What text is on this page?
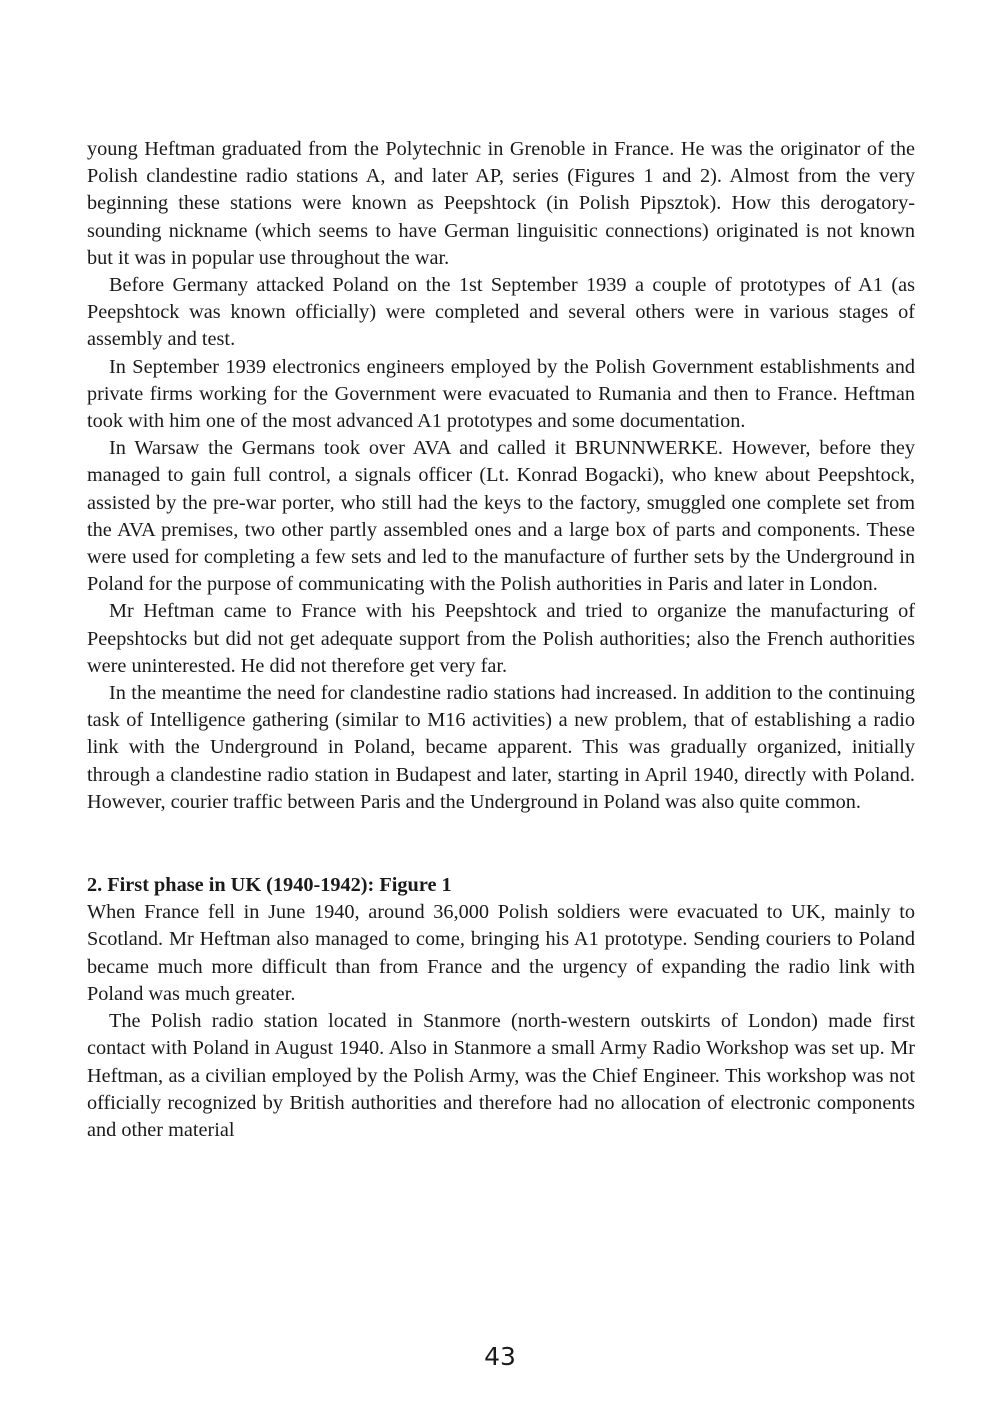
young Heftman graduated from the Polytechnic in Grenoble in France. He was the originator of the Polish clandestine radio stations A, and later AP, series (Figures 1 and 2). Almost from the very beginning these stations were known as Peepshtock (in Polish Pipsztok). How this derogatory-sounding nickname (which seems to have German linguisitic connections) originated is not known but it was in popular use throughout the war.

Before Germany attacked Poland on the 1st September 1939 a couple of prototypes of A1 (as Peepshtock was known officially) were completed and several others were in various stages of assembly and test.

In September 1939 electronics engineers employed by the Polish Government establishments and private firms working for the Government were evacuated to Rumania and then to France. Heftman took with him one of the most advanced A1 prototypes and some documentation.

In Warsaw the Germans took over AVA and called it BRUNNWERKE. However, before they managed to gain full control, a signals officer (Lt. Konrad Bogacki), who knew about Peepshtock, assisted by the pre-war porter, who still had the keys to the factory, smuggled one complete set from the AVA premises, two other partly assembled ones and a large box of parts and components. These were used for completing a few sets and led to the manufacture of further sets by the Underground in Poland for the purpose of communicating with the Polish authorities in Paris and later in London.

Mr Heftman came to France with his Peepshtock and tried to organize the manufacturing of Peepshtocks but did not get adequate support from the Polish authorities; also the French authorities were uninterested. He did not therefore get very far.

In the meantime the need for clandestine radio stations had increased. In addition to the continuing task of Intelligence gathering (similar to M16 activities) a new problem, that of establishing a radio link with the Underground in Poland, became apparent. This was gradually organized, initially through a clandestine radio station in Budapest and later, starting in April 1940, directly with Poland. However, courier traffic between Paris and the Underground in Poland was also quite common.

2. First phase in UK (1940-1942): Figure 1

When France fell in June 1940, around 36,000 Polish soldiers were evacuated to UK, mainly to Scotland. Mr Heftman also managed to come, bringing his A1 prototype. Sending couriers to Poland became much more difficult than from France and the urgency of expanding the radio link with Poland was much greater.

The Polish radio station located in Stanmore (north-western outskirts of London) made first contact with Poland in August 1940. Also in Stanmore a small Army Radio Workshop was set up. Mr Heftman, as a civilian employed by the Polish Army, was the Chief Engineer. This workshop was not officially recognized by British authorities and therefore had no allocation of electronic components and other material

43
